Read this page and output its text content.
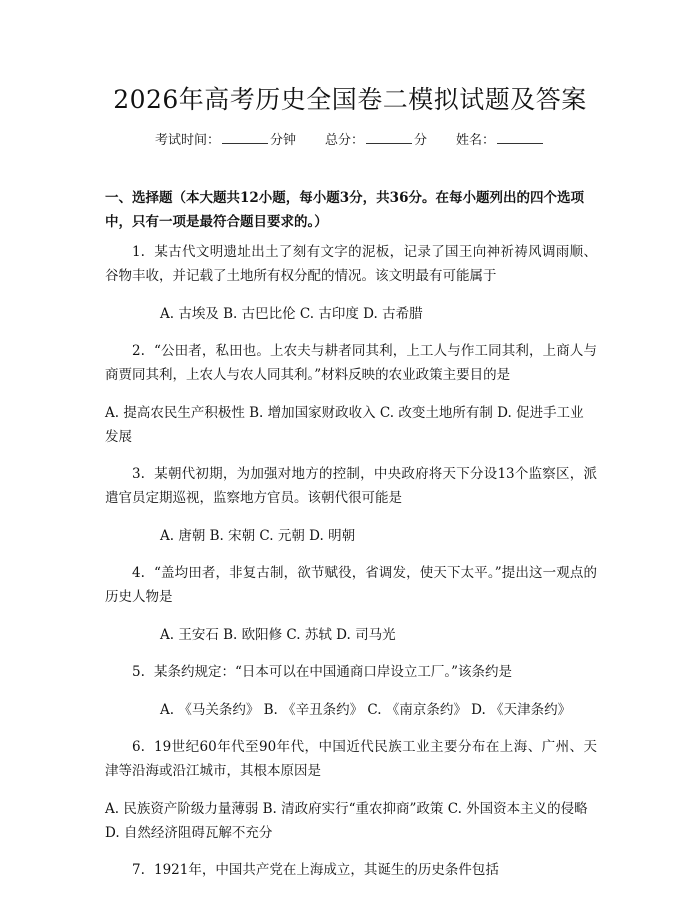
2026年高考历史全国卷二模拟试题及答案
考试时间：	分钟 总分：	分 姓名：
一、选择题（本大题共12小题，每小题3分，共36分。在每小题列出的四个选项中，只有一项是最符合题目要求的。）

1. 某古代文明遗址出土了刻有文字的泥板，记录了国王向神祈祷风调雨顺、谷物丰收，并记载了土地所有权分配的情况。该文明最有可能属于

A. 古埃及 B. 古巴比伦 C. 古印度 D. 古希腊

2. “公田者，私田也。上农夫与耕者同其利，上工人与作工同其利，上商人与商贾同其利，上农人与农人同其利。”材料反映的农业政策主要目的是

A. 提高农民生产积极性 B. 增加国家财政收入 C. 改变土地所有制 D. 促进手工业发展

3. 某朝代初期，为加强对地方的控制，中央政府将天下分设13个监察区，派遣官员定期巡视，监察地方官员。该朝代很可能是

A. 唐朝 B. 宋朝 C. 元朝 D. 明朝

4. “盖均田者，非复古制，欲节赋役，省调发，使天下太平。”提出这一观点的历史人物是

A. 王安石 B. 欧阳修 C. 苏轼 D. 司马光

5. 某条约规定：“日本可以在中国通商口岸设立工厂。”该条约是

A. 《马关条约》 B. 《辛丑条约》 C. 《南京条约》 D. 《天津条约》

6. 19世纪60年代至90年代，中国近代民族工业主要分布在上海、广州、天津等沿海或沿江城市，其根本原因是

A. 民族资产阶级力量薄弱 B. 清政府实行“重农抑商”政策 C. 外国资本主义的侵略 D. 自然经济阻碍瓦解不充分

7. 1921年，中国共产党在上海成立，其诞生的历史条件包括
